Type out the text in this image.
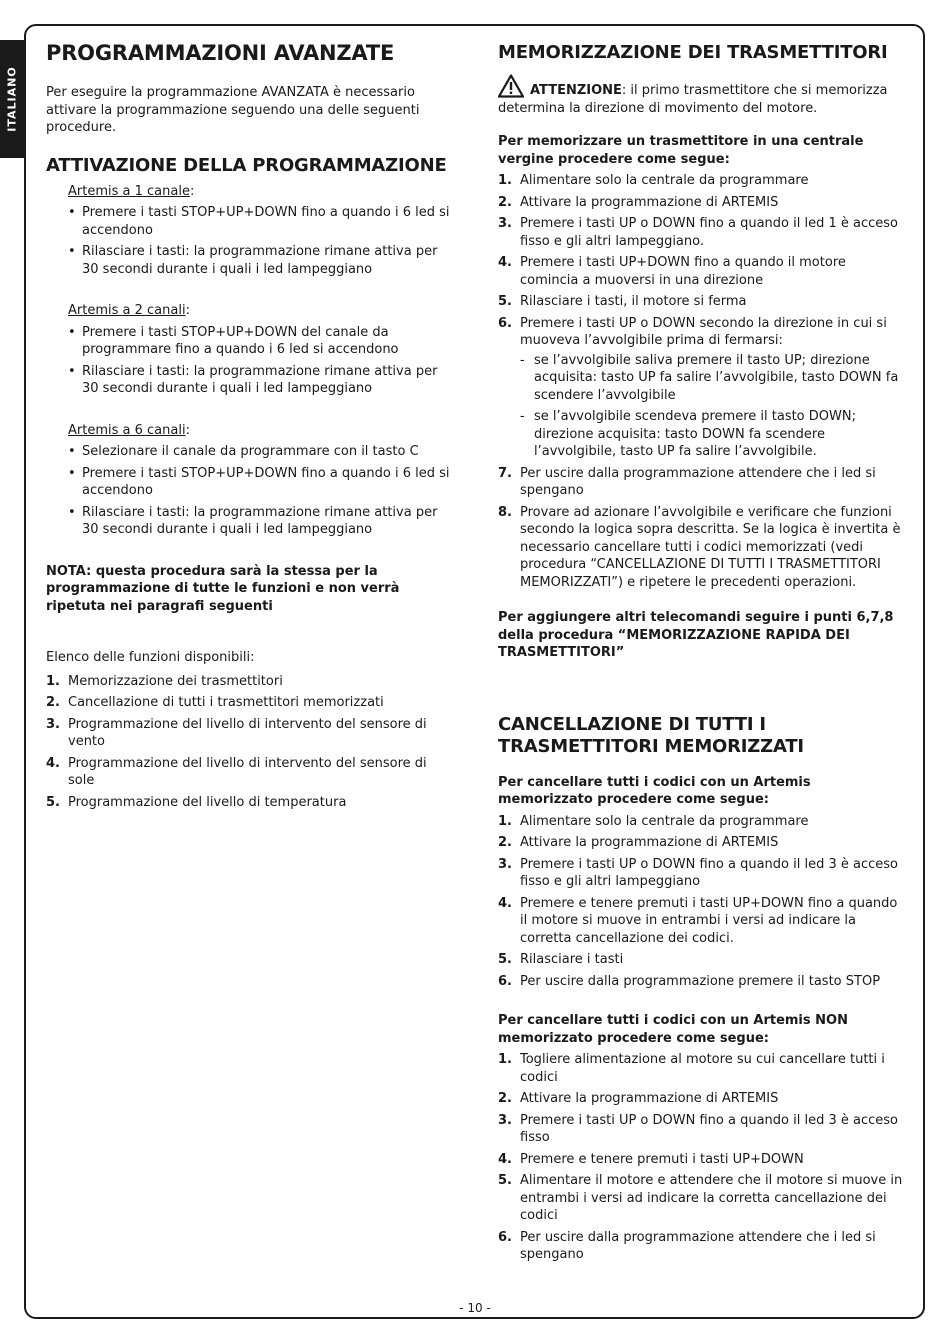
ITALIANO
PROGRAMMAZIONI AVANZATE

Per eseguire la programmazione AVANZATA è necessario attivare la programmazione seguendo una delle seguenti procedure.

ATTIVAZIONE DELLA PROGRAMMAZIONE
Artemis a 1 canale:
• Premere i tasti STOP+UP+DOWN fino a quando i 6 led si accendono
• Rilasciare i tasti: la programmazione rimane attiva per 30 secondi durante i quali i led lampeggiano
Artemis a 2 canali:
• Premere i tasti STOP+UP+DOWN del canale da programmare fino a quando i 6 led si accendono
• Rilasciare i tasti: la programmazione rimane attiva per 30 secondi durante i quali i led lampeggiano
Artemis a 6 canali:
• Selezionare il canale da programmare con il tasto C
• Premere i tasti STOP+UP+DOWN fino a quando i 6 led si accendono
• Rilasciare i tasti: la programmazione rimane attiva per 30 secondi durante i quali i led lampeggiano

NOTA: questa procedura sarà la stessa per la programmazione di tutte le funzioni e non verrà ripetuta nei paragrafi seguenti

Elenco delle funzioni disponibili:

1. Memorizzazione dei trasmettitori
2. Cancellazione di tutti i trasmettitori memorizzati
3. Programmazione del livello di intervento del sensore di vento
4. Programmazione del livello di intervento del sensore di sole
5. Programmazione del livello di temperatura
MEMORIZZAZIONE DEI TRASMETTITORI

ATTENZIONE: il primo trasmettitore che si memorizza determina la direzione di movimento del motore.

Per memorizzare un trasmettitore in una centrale vergine procedere come segue:

1. Alimentare solo la centrale da programmare
2. Attivare la programmazione di ARTEMIS
3. Premere i tasti UP o DOWN fino a quando il led 1 è acceso fisso e gli altri lampeggiano.
4. Premere i tasti UP+DOWN fino a quando il motore comincia a muoversi in una direzione
5. Rilasciare i tasti, il motore si ferma
6. Premere i tasti UP o DOWN secondo la direzione in cui si muoveva l’avvolgibile prima di fermarsi:
- se l’avvolgibile saliva premere il tasto UP; direzione acquisita: tasto UP fa salire l’avvolgibile, tasto DOWN fa scendere l’avvolgibile
- se l’avvolgibile scendeva premere il tasto DOWN; direzione acquisita: tasto DOWN fa scendere l’avvolgibile, tasto UP fa salire l’avvolgibile.
7. Per uscire dalla programmazione attendere che i led si spengano
8. Provare ad azionare l’avvolgibile e verificare che funzioni secondo la logica sopra descritta. Se la logica è invertita è necessario cancellare tutti i codici memorizzati (vedi procedura “CANCELLAZIONE DI TUTTI I TRASMETTITORI MEMORIZZATI”) e ripetere le precedenti operazioni.

Per aggiungere altri telecomandi seguire i punti 6,7,8 della procedura “MEMORIZZAZIONE RAPIDA DEI TRASMETTITORI”

CANCELLAZIONE DI TUTTI I TRASMETTITORI MEMORIZZATI

Per cancellare tutti i codici con un Artemis memorizzato procedere come segue:

1. Alimentare solo la centrale da programmare
2. Attivare la programmazione di ARTEMIS
3. Premere i tasti UP o DOWN fino a quando il led 3 è acceso fisso e gli altri lampeggiano
4. Premere e tenere premuti i tasti UP+DOWN fino a quando il motore si muove in entrambi i versi ad indicare la corretta cancellazione dei codici.
5. Rilasciare i tasti
6. Per uscire dalla programmazione premere il tasto STOP

Per cancellare tutti i codici con un Artemis NON memorizzato procedere come segue:

1. Togliere alimentazione al motore su cui cancellare tutti i codici
2. Attivare la programmazione di ARTEMIS
3. Premere i tasti UP o DOWN fino a quando il led 3 è acceso fisso
4. Premere e tenere premuti i tasti UP+DOWN
5. Alimentare il motore e attendere che il motore si muove in entrambi i versi ad indicare la corretta cancellazione dei codici
6. Per uscire dalla programmazione attendere che i led si spengano
- 10 -
